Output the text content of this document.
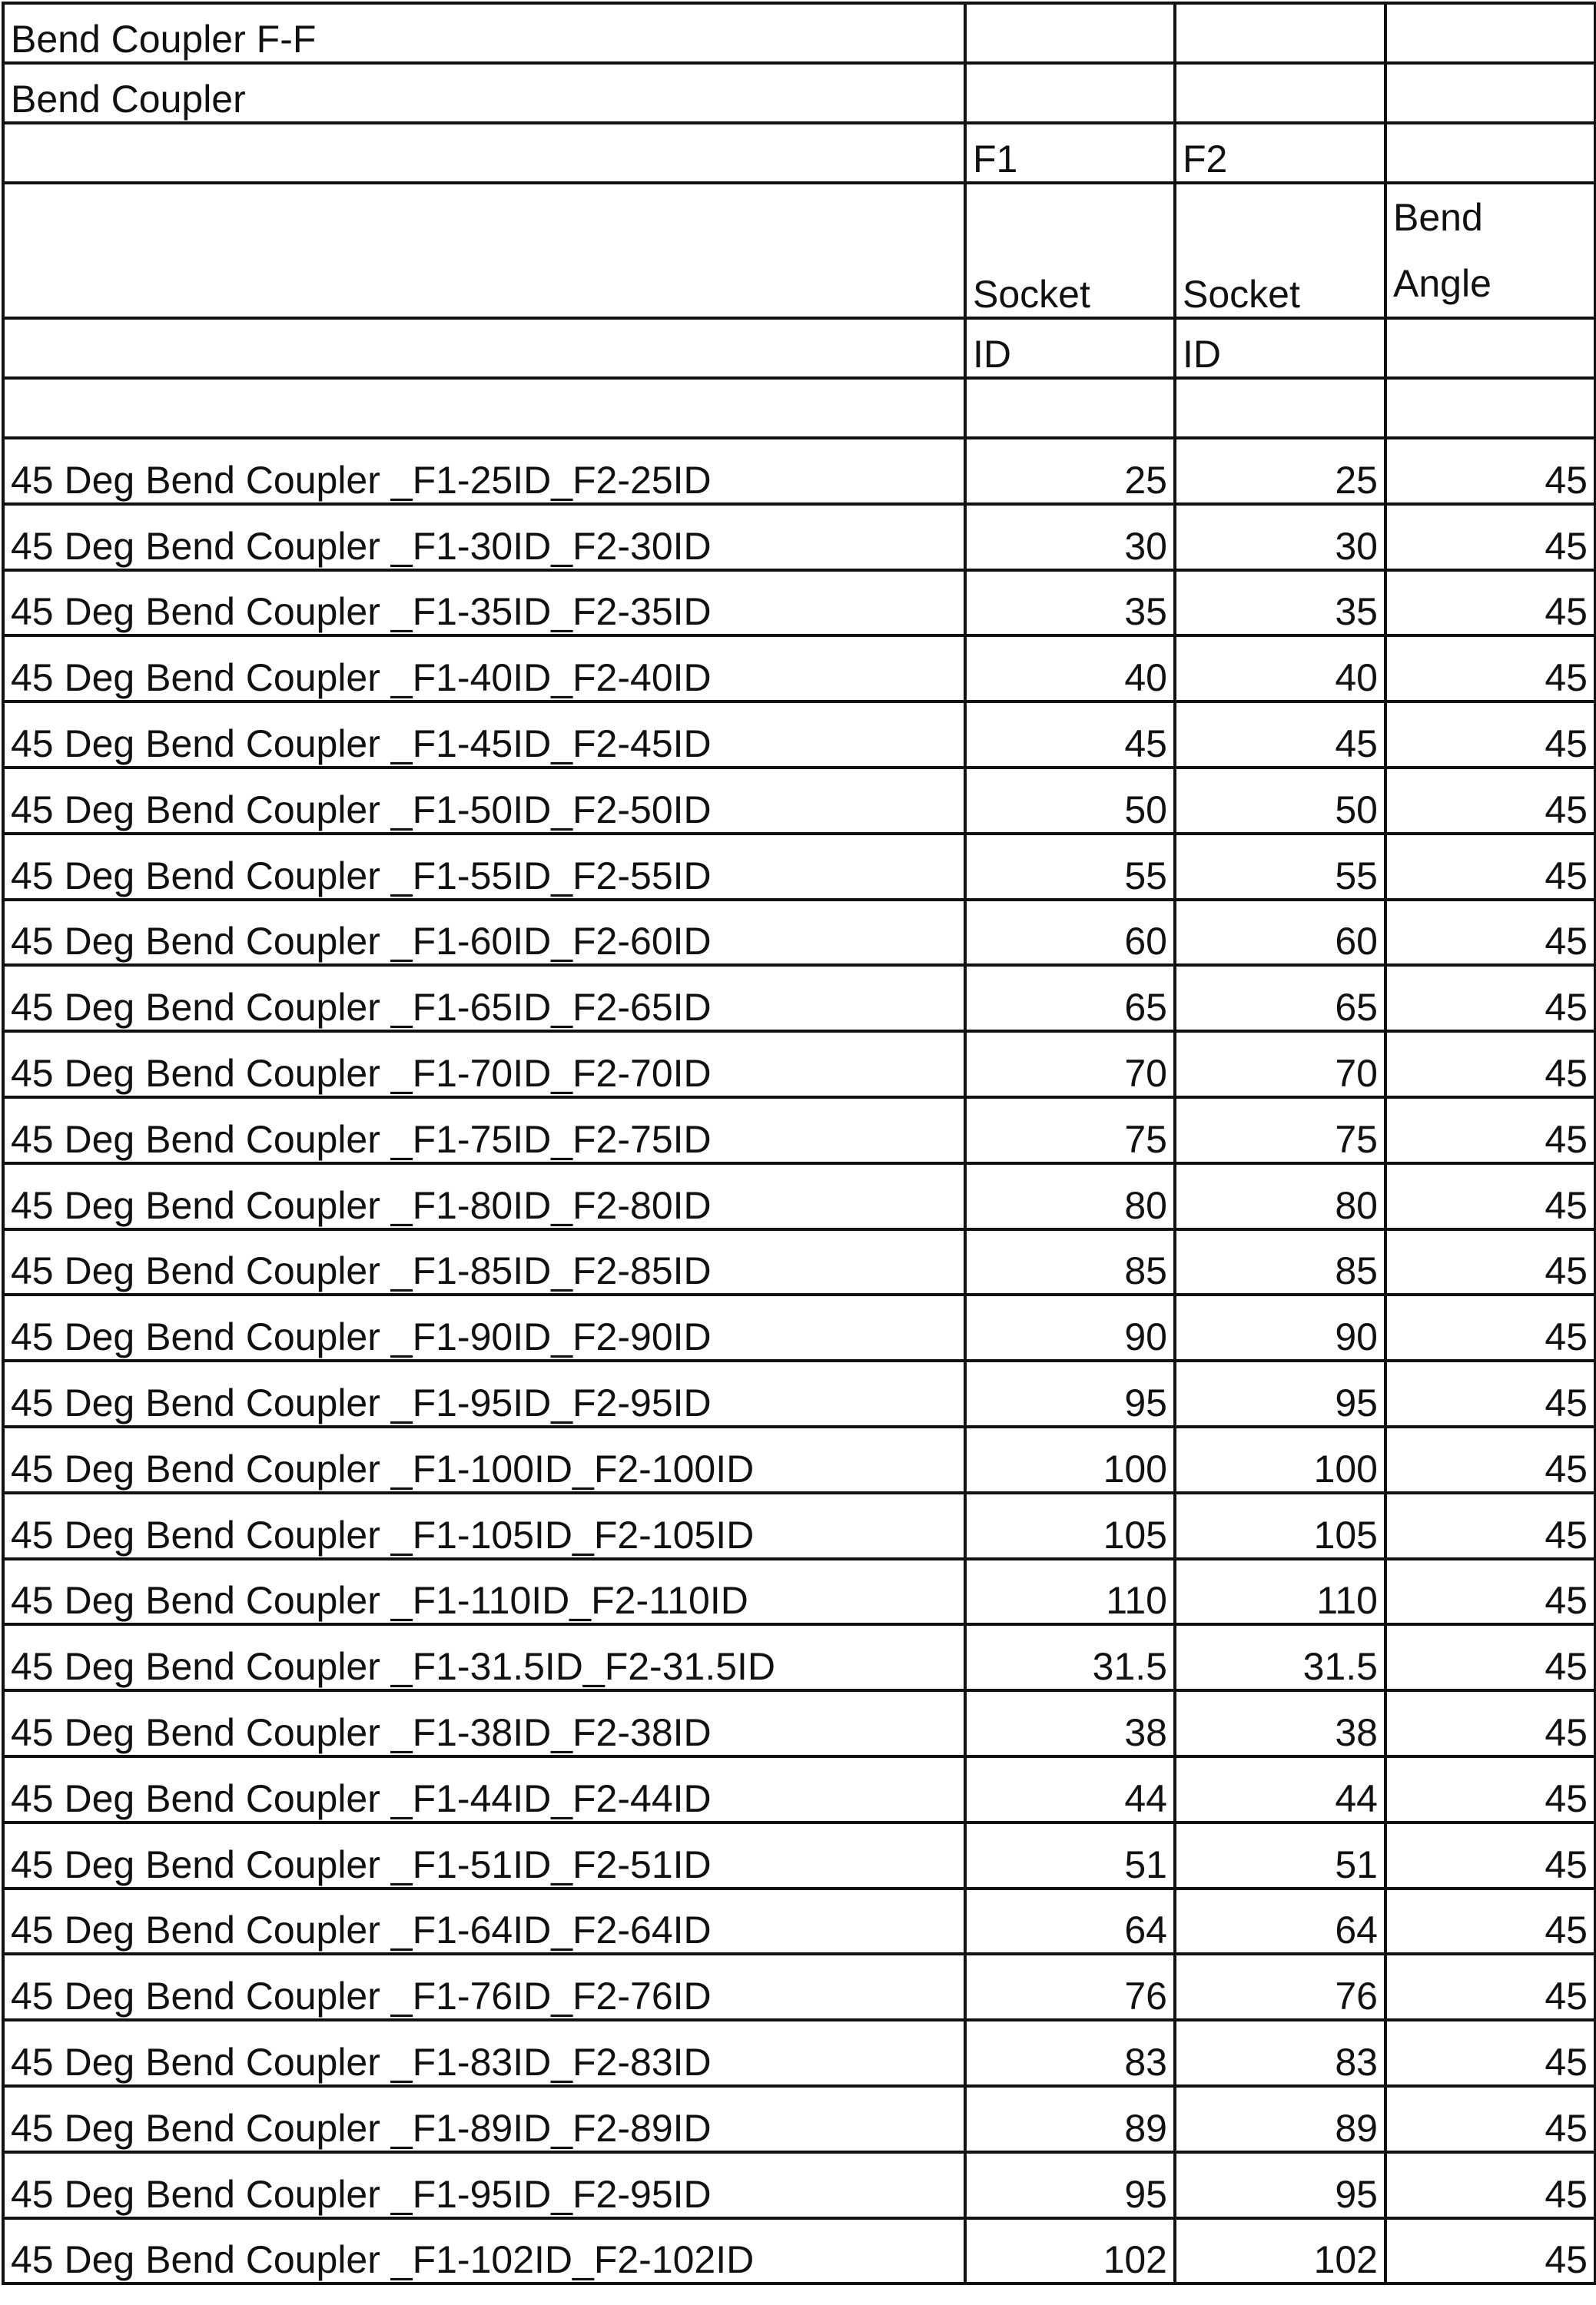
Bend Coupler F-F			
Bend Coupler			
	F1	F2	
	Socket	Socket	Bend Angle

	ID	ID	

45 Deg Bend Coupler _F1-25ID_F2-25ID	25	25	45
45 Deg Bend Coupler _F1-30ID_F2-30ID	30	30	45
45 Deg Bend Coupler _F1-35ID_F2-35ID	35	35	45
45 Deg Bend Coupler _F1-40ID_F2-40ID	40	40	45
45 Deg Bend Coupler _F1-45ID_F2-45ID	45	45	45
45 Deg Bend Coupler _F1-50ID_F2-50ID	50	50	45
45 Deg Bend Coupler _F1-55ID_F2-55ID	55	55	45
45 Deg Bend Coupler _F1-60ID_F2-60ID	60	60	45
45 Deg Bend Coupler _F1-65ID_F2-65ID	65	65	45
45 Deg Bend Coupler _F1-70ID_F2-70ID	70	70	45
45 Deg Bend Coupler _F1-75ID_F2-75ID	75	75	45
45 Deg Bend Coupler _F1-80ID_F2-80ID	80	80	45
45 Deg Bend Coupler _F1-85ID_F2-85ID	85	85	45
45 Deg Bend Coupler _F1-90ID_F2-90ID	90	90	45
45 Deg Bend Coupler _F1-95ID_F2-95ID	95	95	45
45 Deg Bend Coupler _F1-100ID_F2-100ID	100	100	45
45 Deg Bend Coupler _F1-105ID_F2-105ID	105	105	45
45 Deg Bend Coupler _F1-110ID_F2-110ID	110	110	45
45 Deg Bend Coupler _F1-31.5ID_F2-31.5ID	31.5	31.5	45
45 Deg Bend Coupler _F1-38ID_F2-38ID	38	38	45
45 Deg Bend Coupler _F1-44ID_F2-44ID	44	44	45
45 Deg Bend Coupler _F1-51ID_F2-51ID	51	51	45
45 Deg Bend Coupler _F1-64ID_F2-64ID	64	64	45
45 Deg Bend Coupler _F1-76ID_F2-76ID	76	76	45
45 Deg Bend Coupler _F1-83ID_F2-83ID	83	83	45
45 Deg Bend Coupler _F1-89ID_F2-89ID	89	89	45
45 Deg Bend Coupler _F1-95ID_F2-95ID	95	95	45
45 Deg Bend Coupler _F1-102ID_F2-102ID	102	102	45
